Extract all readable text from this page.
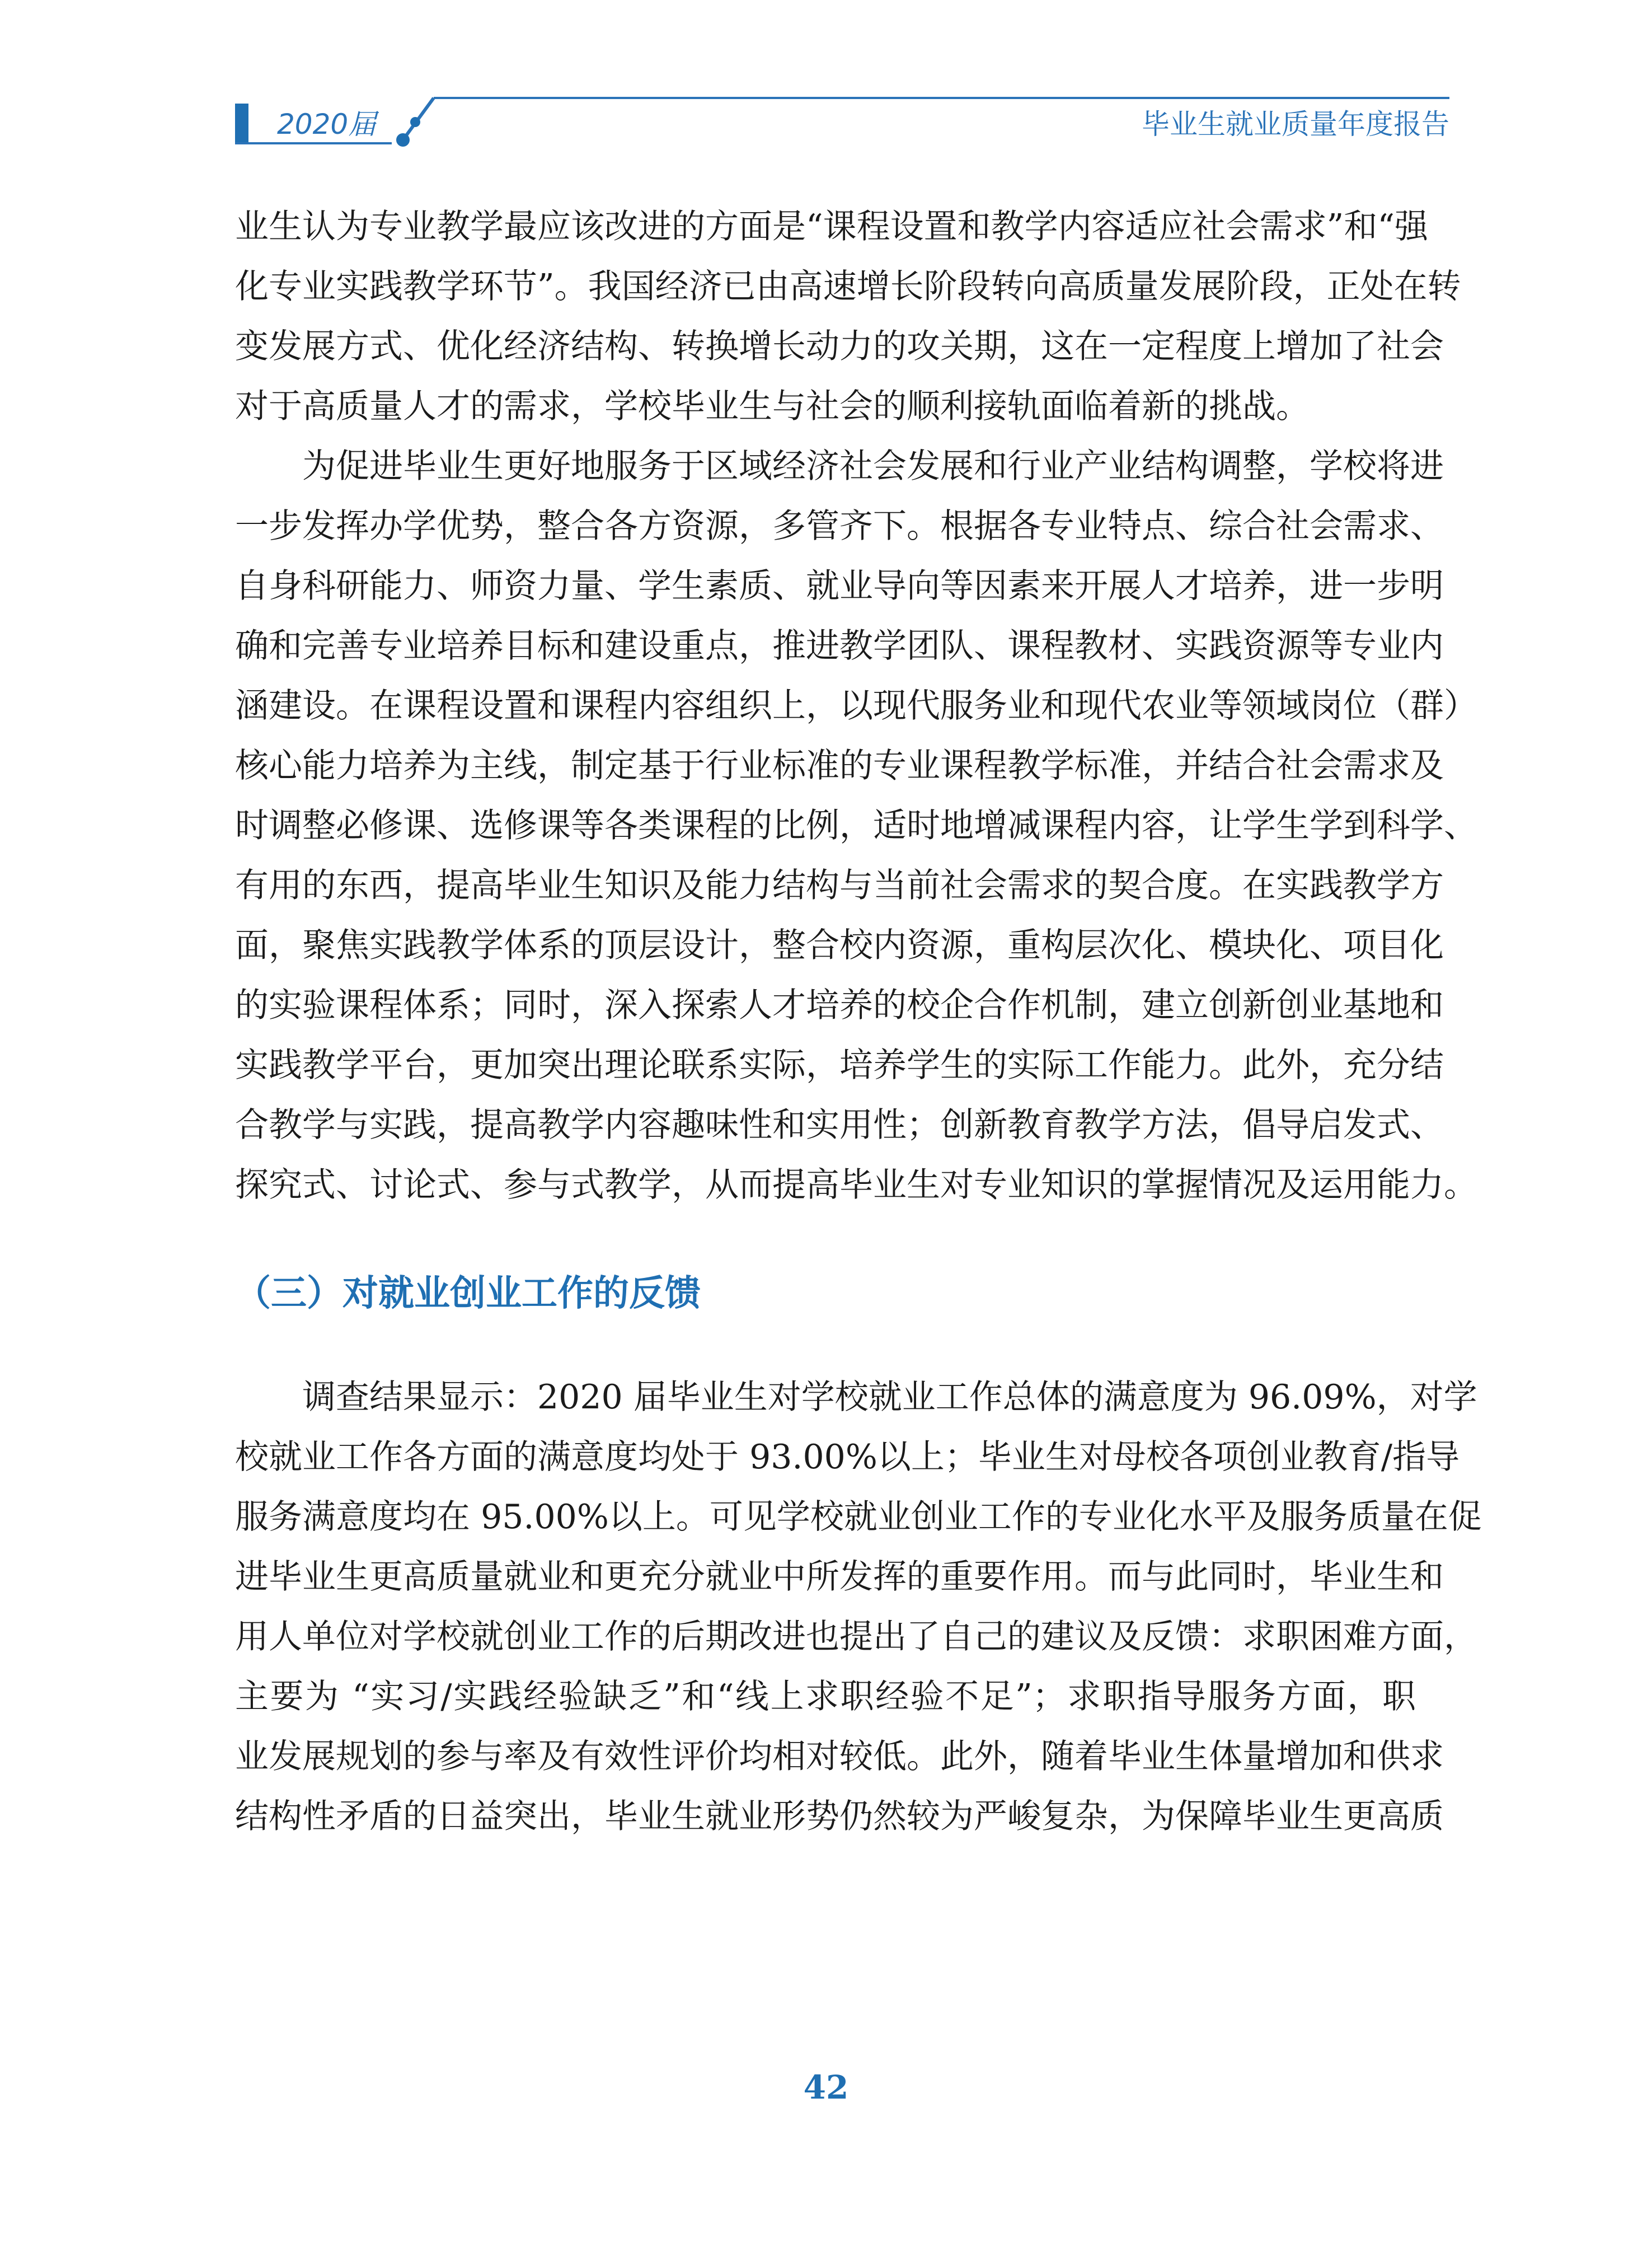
2020届	毕业生就业质量年度报告

业生认为专业教学最应该改进的方面是“课程设置和教学内容适应社会需求”和“强
化专业实践教学环节”。我国经济已由高速增长阶段转向高质量发展阶段，正处在转
变发展方式、优化经济结构、转换增长动力的攻关期，这在一定程度上增加了社会
对于高质量人才的需求，学校毕业生与社会的顺利接轨面临着新的挑战。

　　为促进毕业生更好地服务于区域经济社会发展和行业产业结构调整，学校将进
一步发挥办学优势，整合各方资源，多管齐下。根据各专业特点、综合社会需求、
自身科研能力、师资力量、学生素质、就业导向等因素来开展人才培养，进一步明
确和完善专业培养目标和建设重点，推进教学团队、课程教材、实践资源等专业内
涵建设。在课程设置和课程内容组织上，以现代服务业和现代农业等领域岗位（群）
核心能力培养为主线，制定基于行业标准的专业课程教学标准，并结合社会需求及
时调整必修课、选修课等各类课程的比例，适时地增减课程内容，让学生学到科学、
有用的东西，提高毕业生知识及能力结构与当前社会需求的契合度。在实践教学方
面，聚焦实践教学体系的顶层设计，整合校内资源，重构层次化、模块化、项目化
的实验课程体系；同时，深入探索人才培养的校企合作机制，建立创新创业基地和
实践教学平台，更加突出理论联系实际，培养学生的实际工作能力。此外，充分结
合教学与实践，提高教学内容趣味性和实用性；创新教育教学方法，倡导启发式、
探究式、讨论式、参与式教学，从而提高毕业生对专业知识的掌握情况及运用能力。

（三）对就业创业工作的反馈

　　调查结果显示：2020 届毕业生对学校就业工作总体的满意度为 96.09%，对学
校就业工作各方面的满意度均处于 93.00%以上；毕业生对母校各项创业教育/指导
服务满意度均在 95.00%以上。可见学校就业创业工作的专业化水平及服务质量在促
进毕业生更高质量就业和更充分就业中所发挥的重要作用。而与此同时，毕业生和
用人单位对学校就创业工作的后期改进也提出了自己的建议及反馈：求职困难方面，
主要为 “实习/实践经验缺乏”和“线上求职经验不足”；求职指导服务方面，职
业发展规划的参与率及有效性评价均相对较低。此外，随着毕业生体量增加和供求
结构性矛盾的日益突出，毕业生就业形势仍然较为严峻复杂，为保障毕业生更高质

42
